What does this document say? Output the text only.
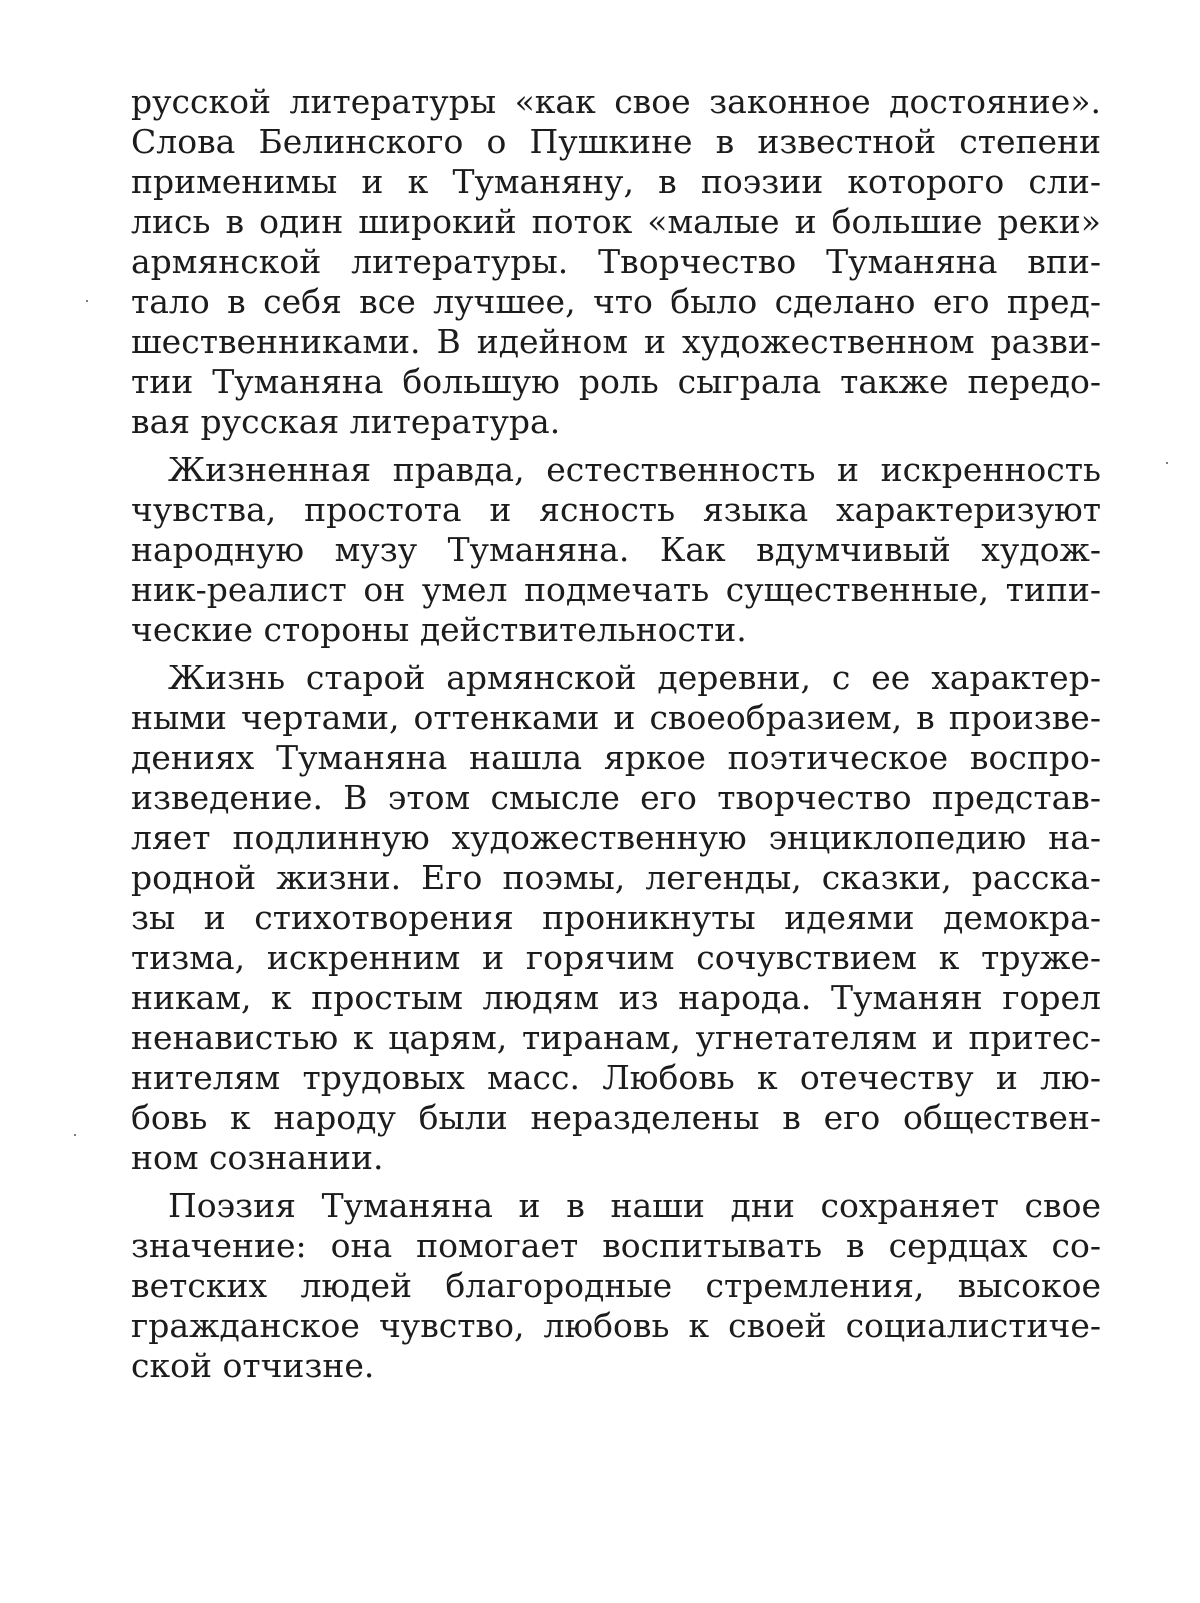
русской литературы «как свое законное достояние».
Слова Белинского о Пушкине в известной степени
применимы и к Туманяну, в поэзии которого сли-
лись в один широкий поток «малые и большие реки»
армянской литературы. Творчество Туманяна впи-
тало в себя все лучшее, что было сделано его пред-
шественниками. В идейном и художественном разви-
тии Туманяна большую роль сыграла также передо-
вая русская литература.
Жизненная правда, естественность и искренность
чувства, простота и ясность языка характеризуют
народную музу Туманяна. Как вдумчивый худож-
ник-реалист он умел подмечать существенные, типи-
ческие стороны действительности.
Жизнь старой армянской деревни, с ее характер-
ными чертами, оттенками и своеобразием, в произве-
дениях Туманяна нашла яркое поэтическое воспро-
изведение. В этом смысле его творчество представ-
ляет подлинную художественную энциклопедию на-
родной жизни. Его поэмы, легенды, сказки, расска-
зы и стихотворения проникнуты идеями демокра-
тизма, искренним и горячим сочувствием к труже-
никам, к простым людям из народа. Туманян горел
ненавистью к царям, тиранам, угнетателям и притес-
нителям трудовых масс. Любовь к отечеству и лю-
бовь к народу были неразделены в его обществен-
ном сознании.
Поэзия Туманяна и в наши дни сохраняет свое
значение: она помогает воспитывать в сердцах со-
ветских людей благородные стремления, высокое
гражданское чувство, любовь к своей социалистиче-
ской отчизне.
